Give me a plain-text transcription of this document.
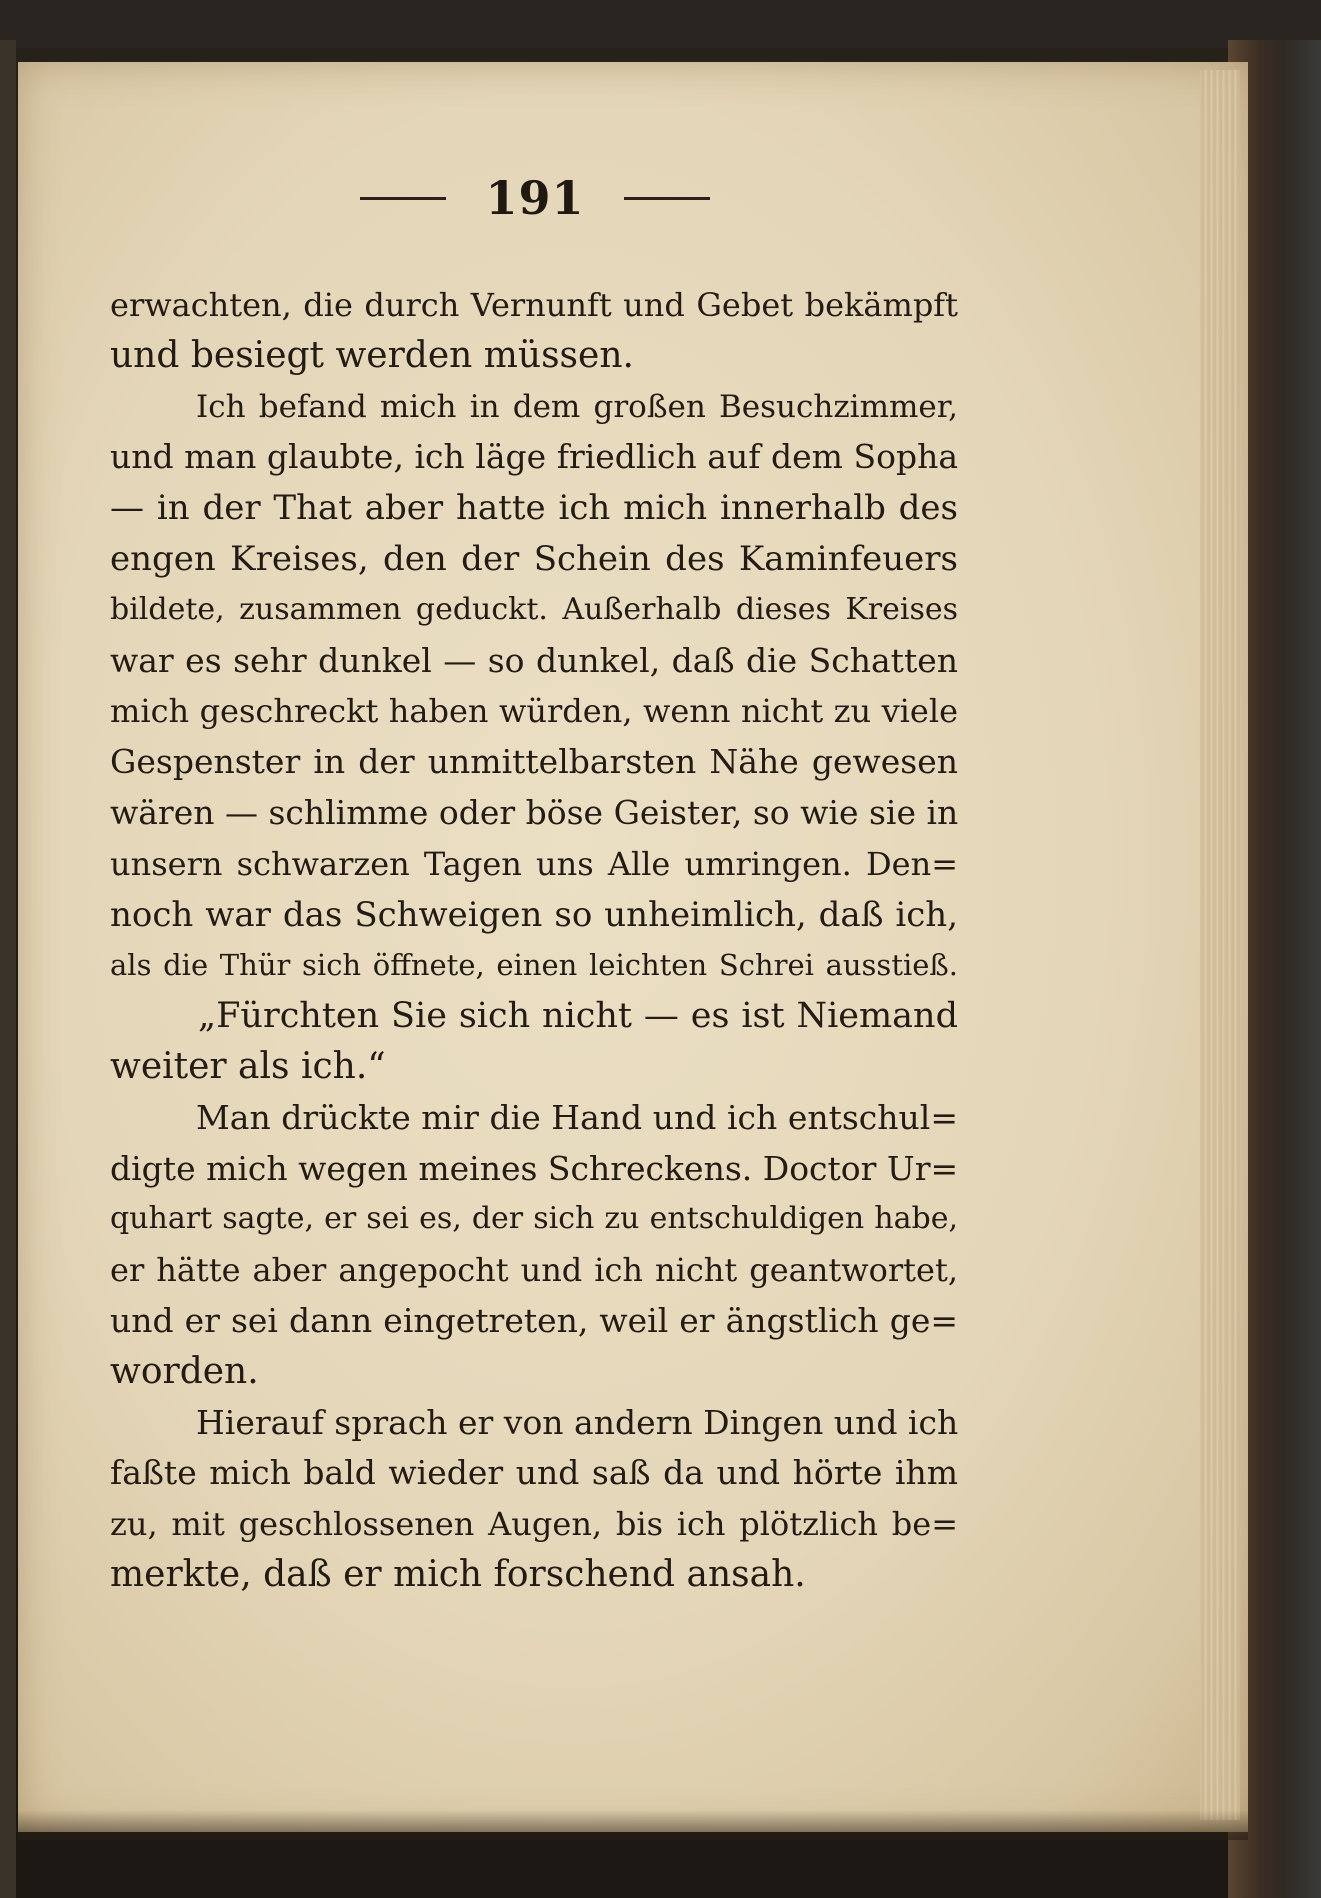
191
erwachten, die durch Vernunft und Gebet bekämpft
und besiegt werden müssen.
Ich befand mich in dem großen Besuchzimmer,
und man glaubte, ich läge friedlich auf dem Sopha
— in der That aber hatte ich mich innerhalb des
engen Kreises, den der Schein des Kaminfeuers
bildete, zusammen geduckt. Außerhalb dieses Kreises
war es sehr dunkel — so dunkel, daß die Schatten
mich geschreckt haben würden, wenn nicht zu viele
Gespenster in der unmittelbarsten Nähe gewesen
wären — schlimme oder böse Geister, so wie sie in
unsern schwarzen Tagen uns Alle umringen. Den=
noch war das Schweigen so unheimlich, daß ich,
als die Thür sich öffnete, einen leichten Schrei ausstieß.
„Fürchten Sie sich nicht — es ist Niemand
weiter als ich.“
Man drückte mir die Hand und ich entschul=
digte mich wegen meines Schreckens. Doctor Ur=
quhart sagte, er sei es, der sich zu entschuldigen habe,
er hätte aber angepocht und ich nicht geantwortet,
und er sei dann eingetreten, weil er ängstlich ge=
worden.
Hierauf sprach er von andern Dingen und ich
faßte mich bald wieder und saß da und hörte ihm
zu, mit geschlossenen Augen, bis ich plötzlich be=
merkte, daß er mich forschend ansah.
